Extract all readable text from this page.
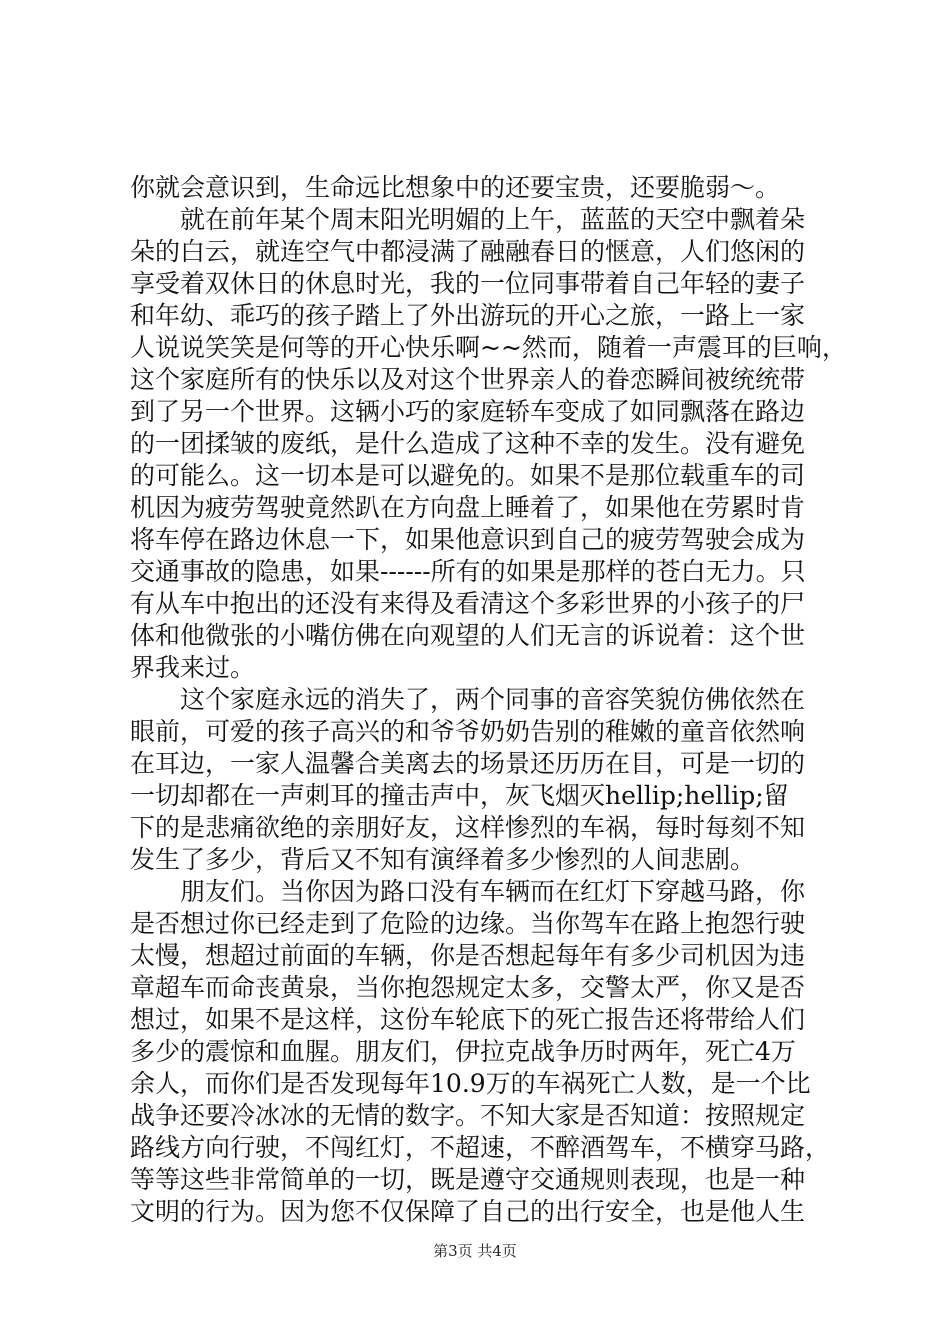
你就会意识到，生命远比想象中的还要宝贵，还要脆弱～。
　　就在前年某个周末阳光明媚的上午，蓝蓝的天空中飘着朵
朵的白云，就连空气中都浸满了融融春日的惬意，人们悠闲的
享受着双休日的休息时光，我的一位同事带着自己年轻的妻子
和年幼、乖巧的孩子踏上了外出游玩的开心之旅，一路上一家
人说说笑笑是何等的开心快乐啊~~然而，随着一声震耳的巨响，
这个家庭所有的快乐以及对这个世界亲人的眷恋瞬间被统统带
到了另一个世界。这辆小巧的家庭轿车变成了如同飘落在路边
的一团揉皱的废纸，是什么造成了这种不幸的发生。没有避免
的可能么。这一切本是可以避免的。如果不是那位载重车的司
机因为疲劳驾驶竟然趴在方向盘上睡着了，如果他在劳累时肯
将车停在路边休息一下，如果他意识到自己的疲劳驾驶会成为
交通事故的隐患，如果------所有的如果是那样的苍白无力。只
有从车中抱出的还没有来得及看清这个多彩世界的小孩子的尸
体和他微张的小嘴仿佛在向观望的人们无言的诉说着：这个世
界我来过。
　　这个家庭永远的消失了，两个同事的音容笑貌仿佛依然在
眼前，可爱的孩子高兴的和爷爷奶奶告别的稚嫩的童音依然响
在耳边，一家人温馨合美离去的场景还历历在目，可是一切的
一切却都在一声刺耳的撞击声中，灰飞烟灭hellip;hellip;留
下的是悲痛欲绝的亲朋好友，这样惨烈的车祸，每时每刻不知
发生了多少，背后又不知有演绎着多少惨烈的人间悲剧。
　　朋友们。当你因为路口没有车辆而在红灯下穿越马路，你
是否想过你已经走到了危险的边缘。当你驾车在路上抱怨行驶
太慢，想超过前面的车辆，你是否想起每年有多少司机因为违
章超车而命丧黄泉，当你抱怨规定太多，交警太严，你又是否
想过，如果不是这样，这份车轮底下的死亡报告还将带给人们
多少的震惊和血腥。朋友们，伊拉克战争历时两年，死亡4万
余人，而你们是否发现每年10.9万的车祸死亡人数，是一个比
战争还要冷冰冰的无情的数字。不知大家是否知道：按照规定
路线方向行驶，不闯红灯，不超速，不醉酒驾车，不横穿马路，
等等这些非常简单的一切，既是遵守交通规则表现，也是一种
文明的行为。因为您不仅保障了自己的出行安全，也是他人生
第3页 共4页
